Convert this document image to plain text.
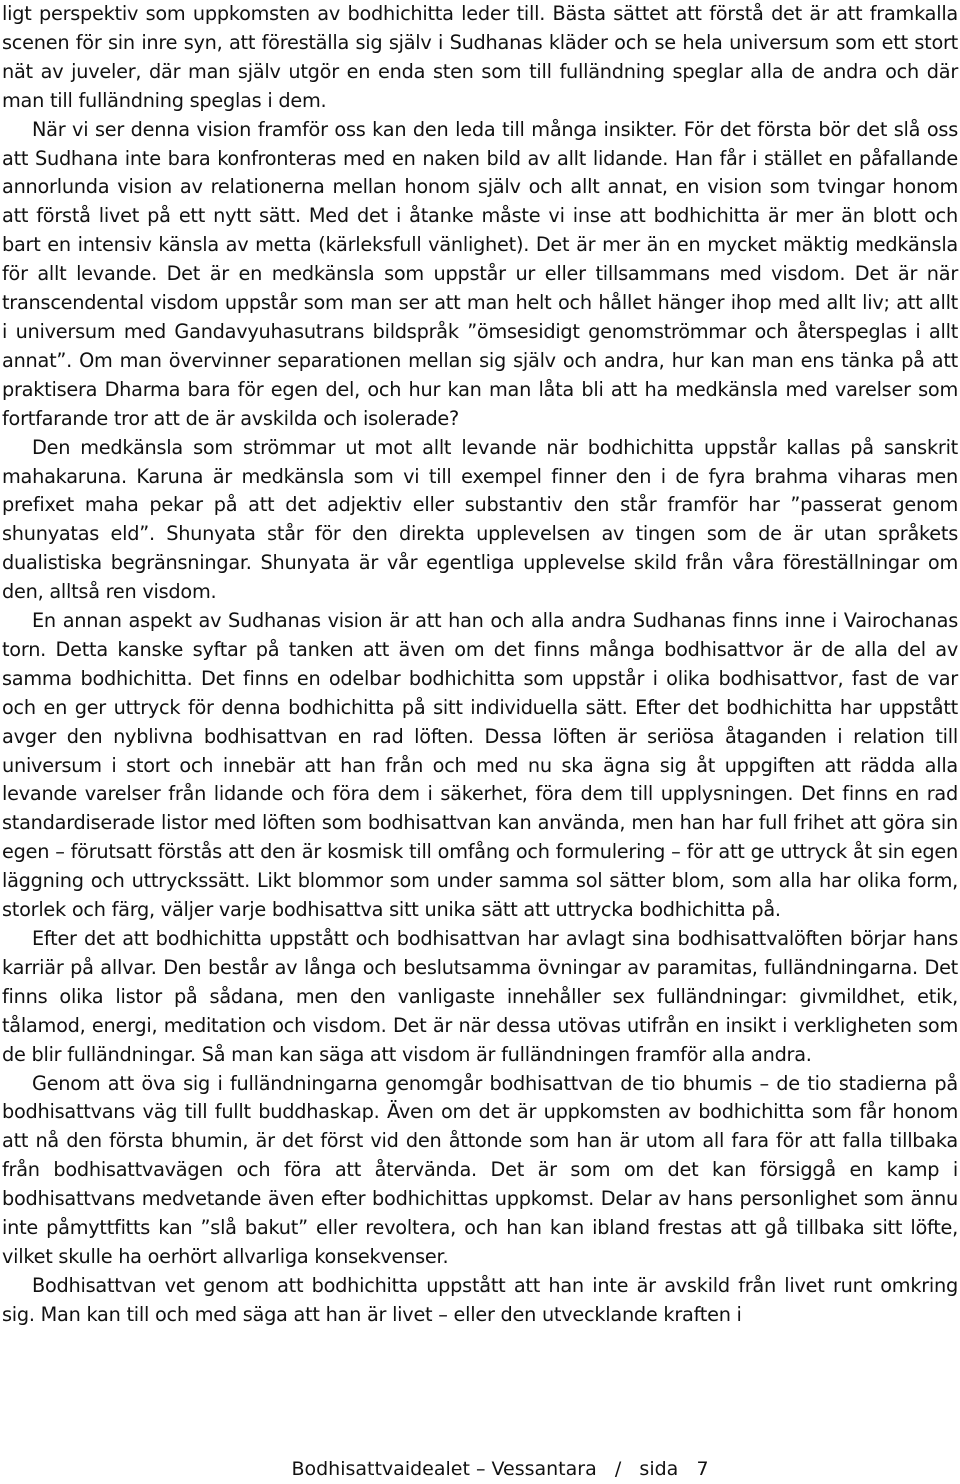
ligt perspektiv som uppkomsten av bodhichitta leder till. Bästa sättet att förstå det är att framkalla scenen för sin inre syn, att föreställa sig själv i Sudhanas kläder och se hela universum som ett stort nät av juveler, där man själv utgör en enda sten som till fulländning speglar alla de andra och där man till fulländning speglas i dem.

När vi ser denna vision framför oss kan den leda till många insikter. För det första bör det slå oss att Sudhana inte bara konfronteras med en naken bild av allt lidande. Han får i stället en påfallande annorlunda vision av relationerna mellan honom själv och allt annat, en vision som tvingar honom att förstå livet på ett nytt sätt. Med det i åtanke måste vi inse att bodhichitta är mer än blott och bart en intensiv känsla av metta (kärleksfull vänlighet). Det är mer än en mycket mäktig medkänsla för allt levande. Det är en medkänsla som uppstår ur eller tillsammans med visdom. Det är när transcendental visdom uppstår som man ser att man helt och hållet hänger ihop med allt liv; att allt i universum med Gandavyuhasutrans bildspråk ”ömsesidigt genomströmmar och återspeglas i allt annat”. Om man övervinner separationen mellan sig själv och andra, hur kan man ens tänka på att praktisera Dharma bara för egen del, och hur kan man låta bli att ha medkänsla med varelser som fortfarande tror att de är avskilda och isolerade?

Den medkänsla som strömmar ut mot allt levande när bodhichitta uppstår kallas på sanskrit mahakaruna. Karuna är medkänsla som vi till exempel finner den i de fyra brahma viharas men prefixet maha pekar på att det adjektiv eller substantiv den står framför har ”passerat genom shunyatas eld”. Shunyata står för den direkta upplevelsen av tingen som de är utan språkets dualistiska begränsningar. Shunyata är vår egentliga upplevelse skild från våra föreställningar om den, alltså ren visdom.

En annan aspekt av Sudhanas vision är att han och alla andra Sudhanas finns inne i Vairochanas torn. Detta kanske syftar på tanken att även om det finns många bodhisattvor är de alla del av samma bodhichitta. Det finns en odelbar bodhichitta som uppstår i olika bodhisattvor, fast de var och en ger uttryck för denna bodhichitta på sitt individuella sätt. Efter det bodhichitta har uppstått avger den nyblivna bodhisattvan en rad löften. Dessa löften är seriösa åtaganden i relation till universum i stort och innebär att han från och med nu ska ägna sig åt uppgiften att rädda alla levande varelser från lidande och föra dem i säkerhet, föra dem till upplysningen. Det finns en rad standardiserade listor med löften som bodhisattvan kan använda, men han har full frihet att göra sin egen – förutsatt förstås att den är kosmisk till omfång och formulering – för att ge uttryck åt sin egen läggning och uttryckssätt. Likt blommor som under samma sol sätter blom, som alla har olika form, storlek och färg, väljer varje bodhisattva sitt unika sätt att uttrycka bodhichitta på.

Efter det att bodhichitta uppstått och bodhisattvan har avlagt sina bodhisattvalöften börjar hans karriär på allvar. Den består av långa och beslutsamma övningar av paramitas, fulländningarna. Det finns olika listor på sådana, men den vanligaste innehåller sex fulländningar: givmildhet, etik, tålamod, energi, meditation och visdom. Det är när dessa utövas utifrån en insikt i verkligheten som de blir fulländningar. Så man kan säga att visdom är fulländningen framför alla andra.

Genom att öva sig i fulländningarna genomgår bodhisattvan de tio bhumis – de tio stadierna på bodhisattvans väg till fullt buddhaskap. Även om det är uppkomsten av bodhichitta som får honom att nå den första bhumin, är det först vid den åttonde som han är utom all fara för att falla tillbaka från bodhisattvavägen och föra att återvända. Det är som om det kan försiggå en kamp i bodhisattvans medvetande även efter bodhichittas uppkomst. Delar av hans personlighet som ännu inte påmyttfitts kan ”slå bakut” eller revoltera, och han kan ibland frestas att gå tillbaka sitt löfte, vilket skulle ha oerhört allvarliga konsekvenser.

Bodhisattvan vet genom att bodhichitta uppstått att han inte är avskild från livet runt omkring sig. Man kan till och med säga att han är livet – eller den utvecklande kraften i

Bodhisattvaidealet – Vessantara / sida 7
